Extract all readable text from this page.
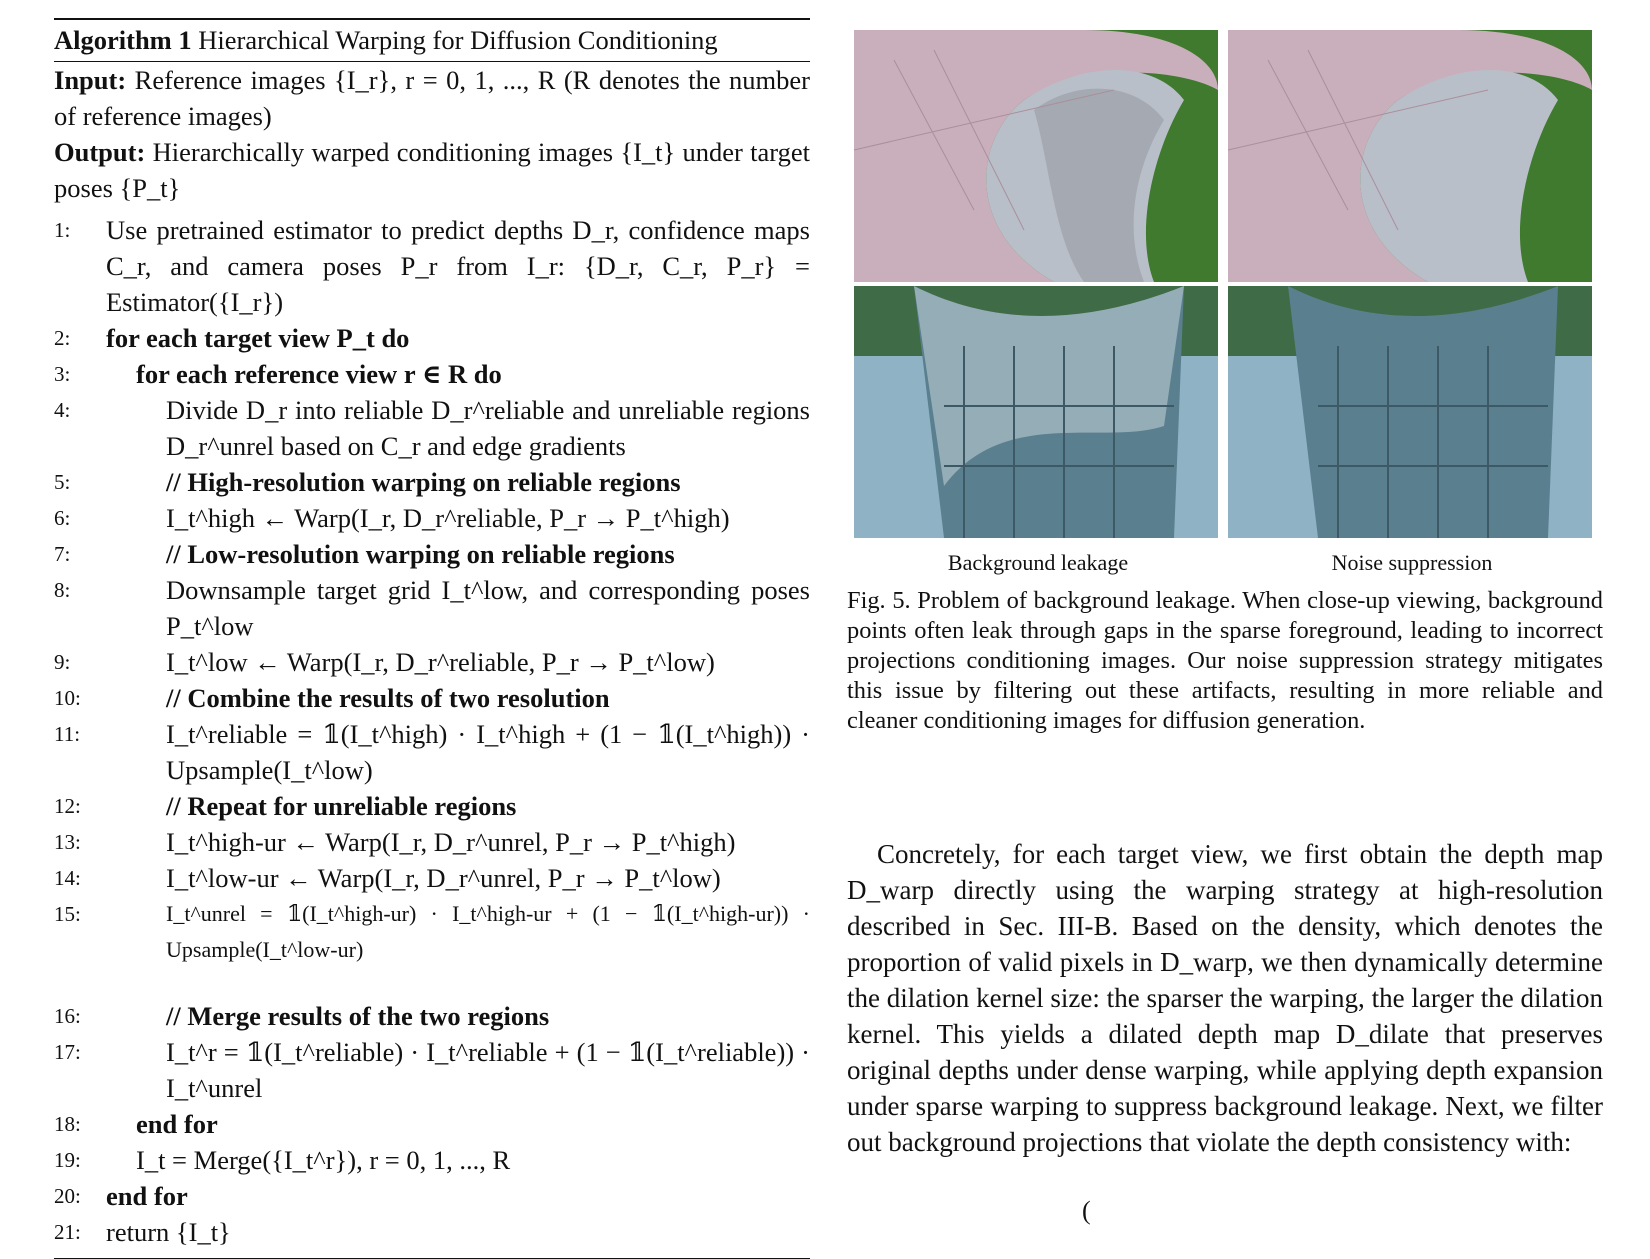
Algorithm 1 Hierarchical Warping for Diffusion Conditioning

Input: Reference images {I_r}, r = 0, 1, ..., R (R denotes the number of reference images)

Output: Hierarchically warped conditioning images {I_t} under target poses {P_t}

1:	Use pretrained estimator to predict depths D_r, confidence maps C_r, and camera poses P_r from I_r: {D_r, C_r, P_r} = Estimator({I_r})
2:	for each target view P_t do
3:	for each reference view r ∈ R do
4:	Divide D_r into reliable D_r^reliable and unreliable regions D_r^unrel based on C_r and edge gradients
5:	// High-resolution warping on reliable regions
6:	I_t^high ← Warp(I_r, D_r^reliable, P_r → P_t^high)
7:	// Low-resolution warping on reliable regions
8:	Downsample target grid I_t^low, and corresponding poses P_t^low
9:	I_t^low ← Warp(I_r, D_r^reliable, P_r → P_t^low)
10:	// Combine the results of two resolution
11:	I_t^reliable = 𝟙(I_t^high) · I_t^high + (1 − 𝟙(I_t^high)) · Upsample(I_t^low)
12:	// Repeat for unreliable regions
13:	I_t^high-ur ← Warp(I_r, D_r^unrel, P_r → P_t^high)
14:	I_t^low-ur ← Warp(I_r, D_r^unrel, P_r → P_t^low)
15:	I_t^unrel = 𝟙(I_t^high-ur) · I_t^high-ur + (1 − 𝟙(I_t^high-ur)) · Upsample(I_t^low-ur)
16:	// Merge results of the two regions
17:	I_t^r = 𝟙(I_t^reliable) · I_t^reliable + (1 − 𝟙(I_t^reliable)) · I_t^unrel
18: end for
19: I_t = Merge({I_t^r}), r = 0, 1, ..., R
20: end for
21: return {I_t}
Background leakage	Noise suppression
Fig. 5. Problem of background leakage. When close-up viewing, background points often leak through gaps in the sparse foreground, leading to incorrect projections conditioning images. Our noise suppression strategy mitigates this issue by filtering out these artifacts, resulting in more reliable and cleaner conditioning images for diffusion generation.

Concretely, for each target view, we first obtain the depth map D_warp directly using the warping strategy at high-resolution described in Sec. III-B. Based on the density, which denotes the proportion of valid pixels in D_warp, we then dynamically determine the dilation kernel size: the sparser the warping, the larger the dilation kernel. This yields a dilated depth map D_dilate that preserves original depths under dense warping, while applying depth expansion under sparse warping to suppress background leakage. Next, we filter out background projections that violate the depth consistency with:

(
